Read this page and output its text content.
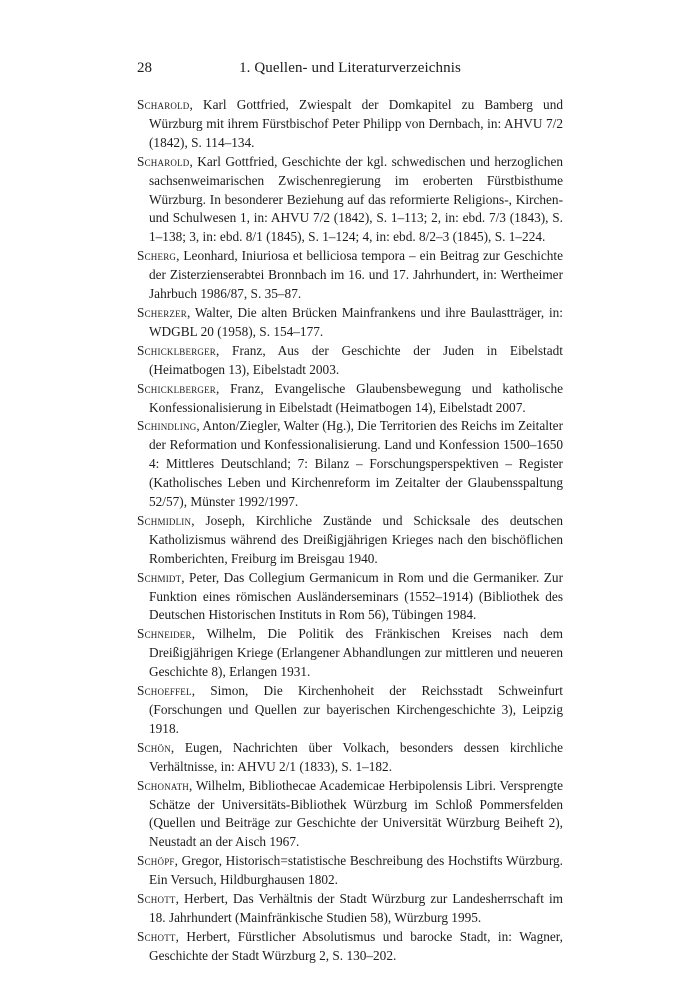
28	1. Quellen- und Literaturverzeichnis

Scharold, Karl Gottfried, Zwiespalt der Domkapitel zu Bamberg und Würzburg mit ihrem Fürstbischof Peter Philipp von Dernbach, in: AHVU 7/2 (1842), S. 114–134.

Scharold, Karl Gottfried, Geschichte der kgl. schwedischen und herzoglichen sachsenweimarischen Zwischenregierung im eroberten Fürstbisthume Würzburg. In besonderer Beziehung auf das reformierte Religions-, Kirchen- und Schulwesen 1, in: AHVU 7/2 (1842), S. 1–113; 2, in: ebd. 7/3 (1843), S. 1–138; 3, in: ebd. 8/1 (1845), S. 1–124; 4, in: ebd. 8/2–3 (1845), S. 1–224.

Scherg, Leonhard, Iniuriosa et belliciosa tempora – ein Beitrag zur Geschichte der Zisterzienserabtei Bronnbach im 16. und 17. Jahrhundert, in: Wertheimer Jahrbuch 1986/87, S. 35–87.

Scherzer, Walter, Die alten Brücken Mainfrankens und ihre Baulastträger, in: WDGBL 20 (1958), S. 154–177.

Schicklberger, Franz, Aus der Geschichte der Juden in Eibelstadt (Heimatbogen 13), Eibelstadt 2003.

Schicklberger, Franz, Evangelische Glaubensbewegung und katholische Konfessionalisierung in Eibelstadt (Heimatbogen 14), Eibelstadt 2007.

Schindling, Anton/Ziegler, Walter (Hg.), Die Territorien des Reichs im Zeitalter der Reformation und Konfessionalisierung. Land und Konfession 1500–1650 4: Mittleres Deutschland; 7: Bilanz – Forschungsperspektiven – Register (Katholisches Leben und Kirchenreform im Zeitalter der Glaubensspaltung 52/57), Münster 1992/1997.

Schmidlin, Joseph, Kirchliche Zustände und Schicksale des deutschen Katholizismus während des Dreißigjährigen Krieges nach den bischöflichen Romberichten, Freiburg im Breisgau 1940.

Schmidt, Peter, Das Collegium Germanicum in Rom und die Germaniker. Zur Funktion eines römischen Ausländerseminars (1552–1914) (Bibliothek des Deutschen Historischen Instituts in Rom 56), Tübingen 1984.

Schneider, Wilhelm, Die Politik des Fränkischen Kreises nach dem Dreißigjährigen Kriege (Erlangener Abhandlungen zur mittleren und neueren Geschichte 8), Erlangen 1931.

Schoeffel, Simon, Die Kirchenhoheit der Reichsstadt Schweinfurt (Forschungen und Quellen zur bayerischen Kirchengeschichte 3), Leipzig 1918.

Schön, Eugen, Nachrichten über Volkach, besonders dessen kirchliche Verhältnisse, in: AHVU 2/1 (1833), S. 1–182.

Schonath, Wilhelm, Bibliothecae Academicae Herbipolensis Libri. Versprengte Schätze der Universitäts-Bibliothek Würzburg im Schloß Pommersfelden (Quellen und Beiträge zur Geschichte der Universität Würzburg Beiheft 2), Neustadt an der Aisch 1967.

Schöpf, Gregor, Historisch=statistische Beschreibung des Hochstifts Würzburg. Ein Versuch, Hildburghausen 1802.

Schott, Herbert, Das Verhältnis der Stadt Würzburg zur Landesherrschaft im 18. Jahrhundert (Mainfränkische Studien 58), Würzburg 1995.

Schott, Herbert, Fürstlicher Absolutismus und barocke Stadt, in: Wagner, Geschichte der Stadt Würzburg 2, S. 130–202.
